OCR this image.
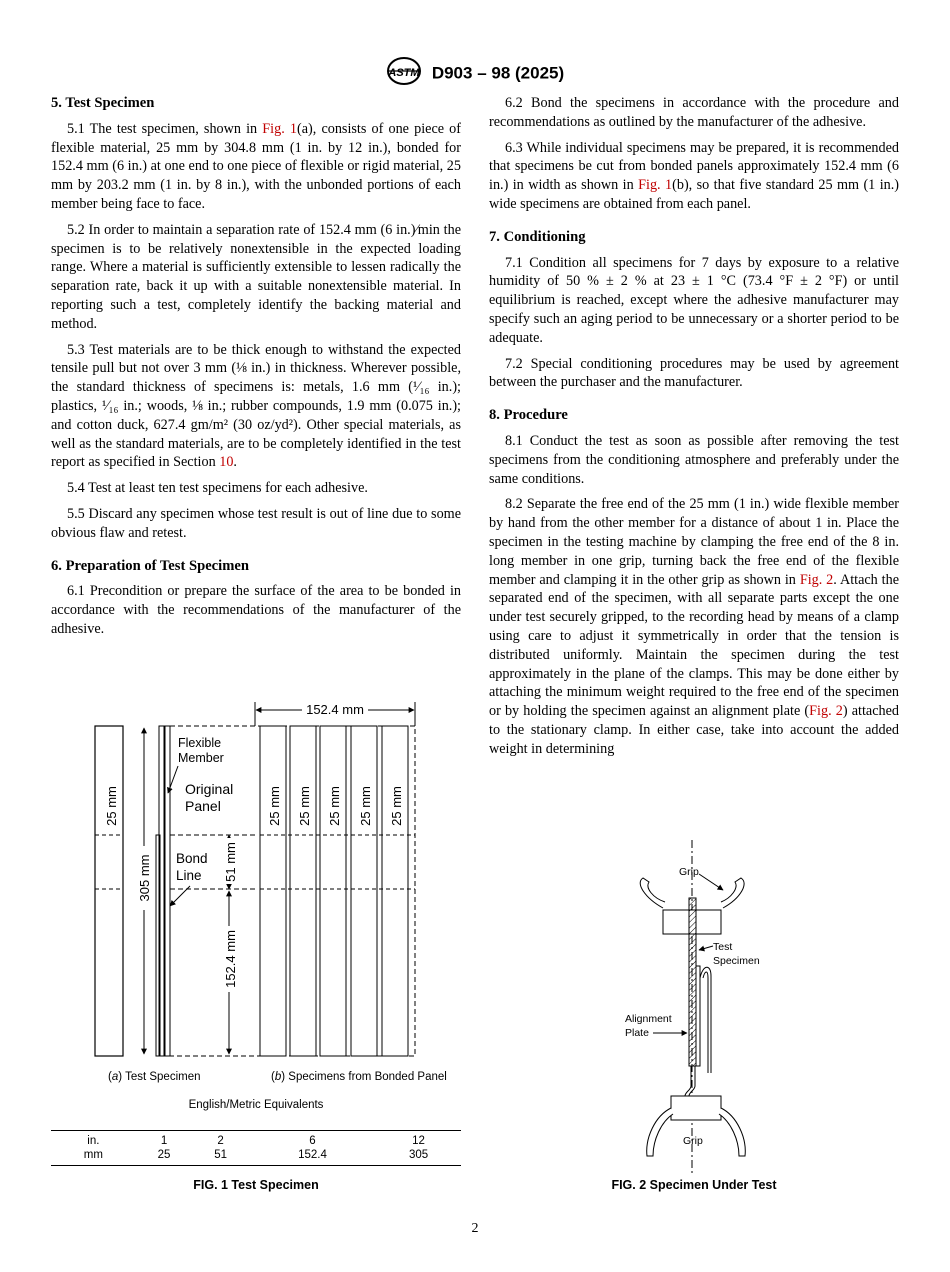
ASTM D903 – 98 (2025)
5. Test Specimen

5.1 The test specimen, shown in Fig. 1(a), consists of one piece of flexible material, 25 mm by 304.8 mm (1 in. by 12 in.), bonded for 152.4 mm (6 in.) at one end to one piece of flexible or rigid material, 25 mm by 203.2 mm (1 in. by 8 in.), with the unbonded portions of each member being face to face.

5.2 In order to maintain a separation rate of 152.4 mm (6 in.)⁄min the specimen is to be relatively nonextensible in the expected loading range. Where a material is sufficiently extensible to lessen radically the separation rate, back it up with a suitable nonextensible material. In reporting such a test, completely identify the backing material and method.

5.3 Test materials are to be thick enough to withstand the expected tensile pull but not over 3 mm (⅛ in.) in thickness. Wherever possible, the standard thickness of specimens is: metals, 1.6 mm (¹⁄₁₆ in.); plastics, ¹⁄₁₆ in.; woods, ⅛ in.; rubber compounds, 1.9 mm (0.075 in.); and cotton duck, 627.4 gm/m² (30 oz/yd²). Other special materials, as well as the standard materials, are to be completely identified in the test report as specified in Section 10.

5.4 Test at least ten test specimens for each adhesive.

5.5 Discard any specimen whose test result is out of line due to some obvious flaw and retest.

6. Preparation of Test Specimen

6.1 Precondition or prepare the surface of the area to be bonded in accordance with the recommendations of the manufacturer of the adhesive.

6.2 Bond the specimens in accordance with the procedure and recommendations as outlined by the manufacturer of the adhesive.

6.3 While individual specimens may be prepared, it is recommended that specimens be cut from bonded panels approximately 152.4 mm (6 in.) in width as shown in Fig. 1(b), so that five standard 25 mm (1 in.) wide specimens are obtained from each panel.

7. Conditioning

7.1 Condition all specimens for 7 days by exposure to a relative humidity of 50 % ± 2 % at 23 ± 1 °C (73.4 °F ± 2 °F) or until equilibrium is reached, except where the adhesive manufacturer may specify such an aging period to be unnecessary or a shorter period to be adequate.

7.2 Special conditioning procedures may be used by agreement between the purchaser and the manufacturer.

8. Procedure

8.1 Conduct the test as soon as possible after removing the test specimens from the conditioning atmosphere and preferably under the same conditions.

8.2 Separate the free end of the 25 mm (1 in.) wide flexible member by hand from the other member for a distance of about 1 in. Place the specimen in the testing machine by clamping the free end of the 8 in. long member in one grip, turning back the free end of the flexible member and clamping it in the other grip as shown in Fig. 2. Attach the separated end of the specimen, with all separate parts except the one under test securely gripped, to the recording head by means of a clamp using care to adjust it symmetrically in order that the tension is distributed uniformly. Maintain the specimen during the test approximately in the plane of the clamps. This may be done either by attaching the minimum weight required to the free end of the specimen or by holding the specimen against an alignment plate (Fig. 2) attached to the stationary clamp. In either case, take into account the added weight in determining

25 mm
305 mm
Flexible
Member
Original
Panel
Bond
Line 51 mm
152.4 mm
25 mm 25 mm 25 mm 25 mm 25 mm
152.4 mm
(a) Test Specimen	(b) Specimens from Bonded Panel
English/Metric Equivalents
in.	1	2	6	12
mm	25	51	152.4	305
FIG. 1 Test Specimen
Grip
Test
Specimen
Alignment
Plate
Grip
FIG. 2 Specimen Under Test
2
